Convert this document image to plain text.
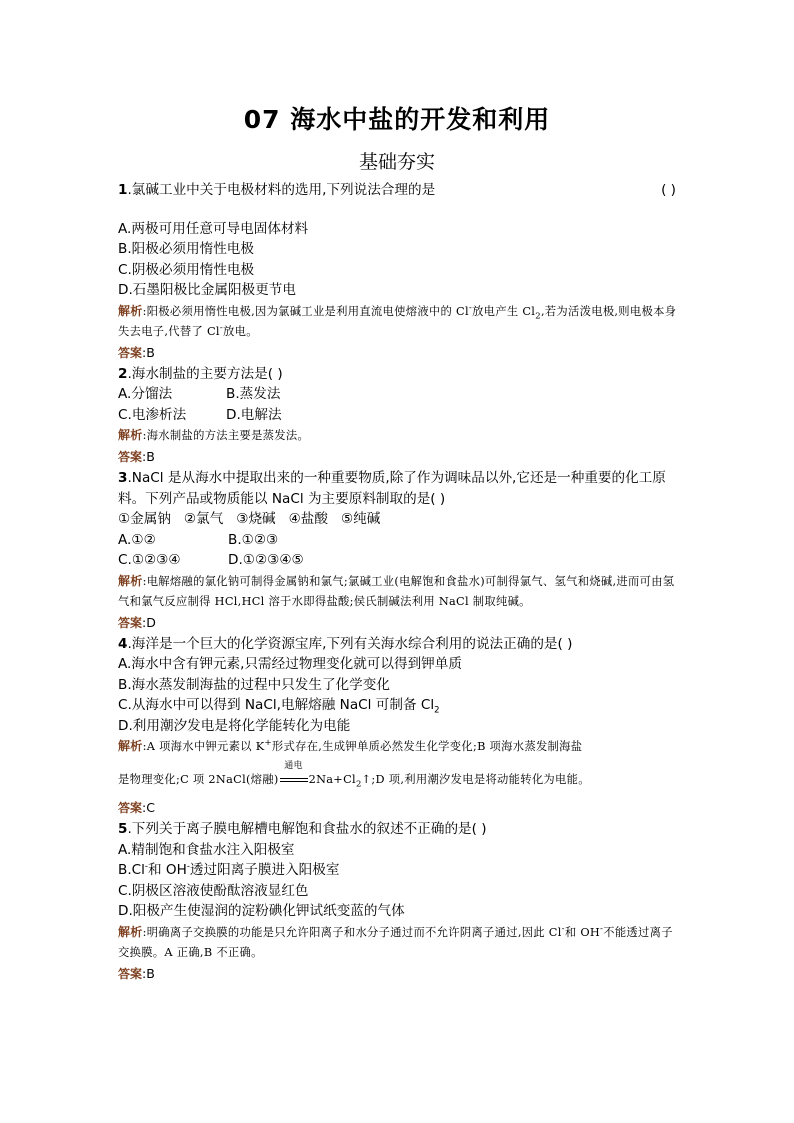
07 海水中盐的开发和利用
基础夯实
1.氯碱工业中关于电极材料的选用,下列说法合理的是	( )
A.两极可用任意可导电固体材料
B.阳极必须用惰性电极
C.阴极必须用惰性电极
D.石墨阳极比金属阳极更节电
解析:阳极必须用惰性电极,因为氯碱工业是利用直流电使熔液中的 Cl-放电产生 $Cl_2$,若为活泼电极,则电极本身失去电子,代替了 Cl-放电。
答案:B
2.海水制盐的主要方法是( )
A.分馏法	B.蒸发法
C.电渗析法	D.电解法
解析:海水制盐的方法主要是蒸发法。
答案:B
3.NaCl 是从海水中提取出来的一种重要物质,除了作为调味品以外,它还是一种重要的化工原料。下列产品或物质能以 NaCl 为主要原料制取的是( )
①金属钠   ②氯气   ③烧碱   ④盐酸   ⑤纯碱
A.①②	B.①②③
C.①②③④	D.①②③④⑤
解析:电解熔融的氯化钠可制得金属钠和氯气;氯碱工业(电解饱和食盐水)可制得氯气、氢气和烧碱,进而可由氢气和氯气反应制得 HCl,HCl 溶于水即得盐酸;侯氏制碱法利用 NaCl 制取纯碱。
答案:D
4.海洋是一个巨大的化学资源宝库,下列有关海水综合利用的说法正确的是( )
A.海水中含有钾元素,只需经过物理变化就可以得到钾单质
B.海水蒸发制海盐的过程中只发生了化学变化
C.从海水中可以得到 NaCl,电解熔融 NaCl 可制备 $Cl_2$
D.利用潮汐发电是将化学能转化为电能
解析:A 项海水中钾元素以 K+形式存在,生成钾单质必然发生化学变化;B 项海水蒸发制海盐
是物理变化;C 项 2NaCl(熔融)
通电
$2Na+Cl_2↑;D$ 项,利用潮汐发电是将动能转化为电能。
答案:C
5.下列关于离子膜电解槽电解饱和食盐水的叙述不正确的是( )
A.精制饱和食盐水注入阳极室
B.Cl-和 OH-透过阳离子膜进入阳极室
C.阴极区溶液使酚酞溶液显红色
D.阳极产生使湿润的淀粉碘化钾试纸变蓝的气体
解析:明确离子交换膜的功能是只允许阳离子和水分子通过而不允许阴离子通过,因此 Cl-和 OH-不能透过离子交换膜。A 正确,B 不正确。
答案:B
